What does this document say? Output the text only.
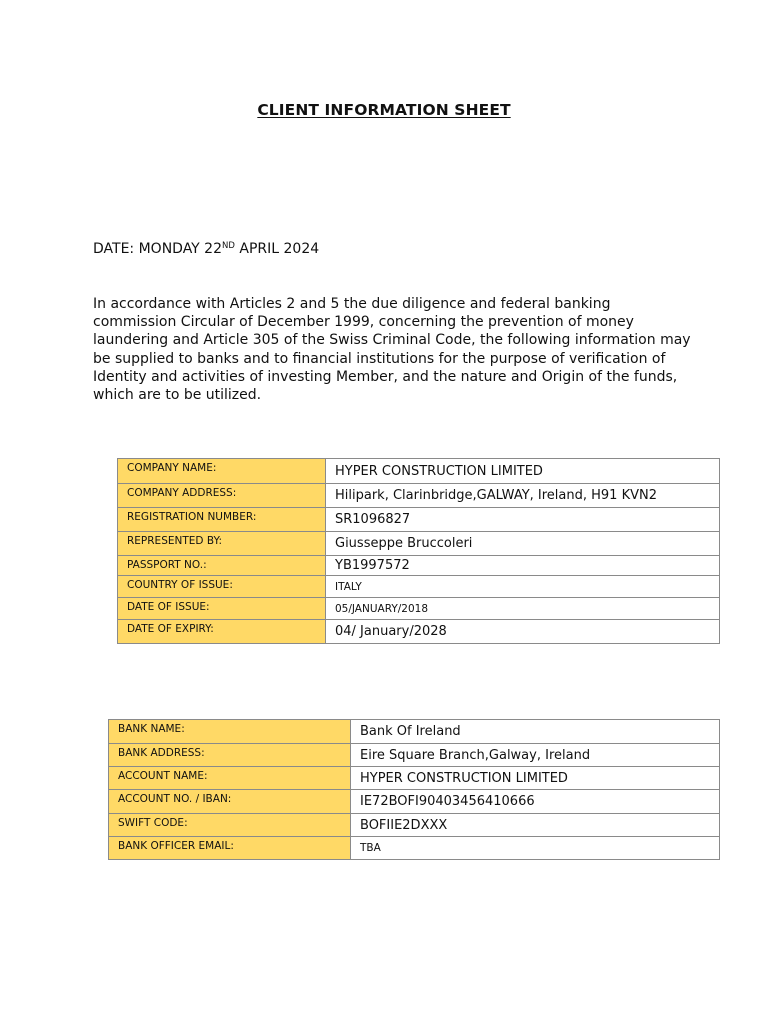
CLIENT INFORMATION SHEET
DATE: MONDAY 22ND APRIL 2024

In accordance with Articles 2 and 5 the due diligence and federal banking commission Circular of December 1999, concerning the prevention of money laundering and Article 305 of the Swiss Criminal Code, the following information may be supplied to banks and to financial institutions for the purpose of verification of Identity and activities of investing Member, and the nature and Origin of the funds, which are to be utilized.

COMPANY NAME:	HYPER CONSTRUCTION LIMITED
COMPANY ADDRESS:	Hilipark, Clarinbridge,GALWAY, Ireland, H91 KVN2
REGISTRATION NUMBER:	SR1096827
REPRESENTED BY:	Giusseppe Bruccoleri
PASSPORT NO.:	YB1997572
COUNTRY OF ISSUE:	ITALY
DATE OF ISSUE:	05/JANUARY/2018
DATE OF EXPIRY:	04/ January/2028
BANK NAME:	Bank Of Ireland
BANK ADDRESS:	Eire Square Branch,Galway, Ireland
ACCOUNT NAME:	HYPER CONSTRUCTION LIMITED
ACCOUNT NO. / IBAN:	IE72BOFI90403456410666
SWIFT CODE:	BOFIIE2DXXX
BANK OFFICER EMAIL:	TBA
